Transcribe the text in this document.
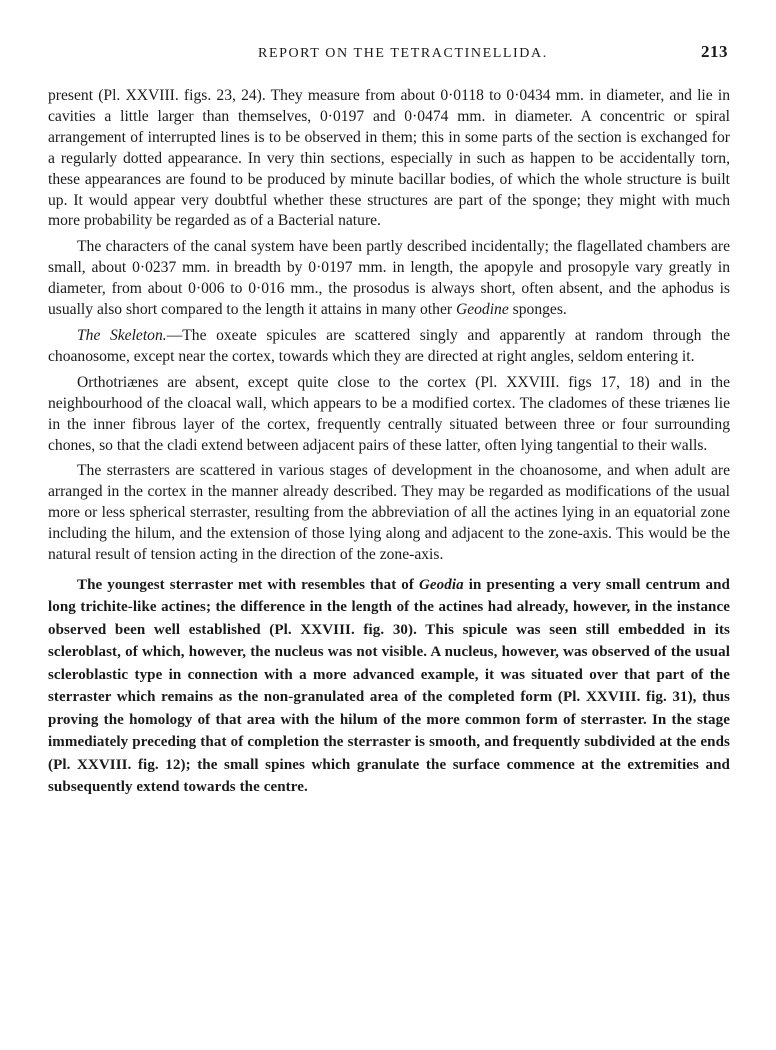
REPORT ON THE TETRACTINELLIDA.	213

present (Pl. XXVIII. figs. 23, 24). They measure from about 0·0118 to 0·0434 mm. in diameter, and lie in cavities a little larger than themselves, 0·0197 and 0·0474 mm. in diameter. A concentric or spiral arrangement of interrupted lines is to be observed in them; this in some parts of the section is exchanged for a regularly dotted appearance. In very thin sections, especially in such as happen to be accidentally torn, these appearances are found to be produced by minute bacillar bodies, of which the whole structure is built up. It would appear very doubtful whether these structures are part of the sponge; they might with much more probability be regarded as of a Bacterial nature.

The characters of the canal system have been partly described incidentally; the flagellated chambers are small, about 0·0237 mm. in breadth by 0·0197 mm. in length, the apopyle and prosopyle vary greatly in diameter, from about 0·006 to 0·016 mm., the prosodus is always short, often absent, and the aphodus is usually also short compared to the length it attains in many other Geodine sponges.

The Skeleton.—The oxeate spicules are scattered singly and apparently at random through the choanosome, except near the cortex, towards which they are directed at right angles, seldom entering it.

Orthotriænes are absent, except quite close to the cortex (Pl. XXVIII. figs 17, 18) and in the neighbourhood of the cloacal wall, which appears to be a modified cortex. The cladomes of these triænes lie in the inner fibrous layer of the cortex, frequently centrally situated between three or four surrounding chones, so that the cladi extend between adjacent pairs of these latter, often lying tangential to their walls.

The sterrasters are scattered in various stages of development in the choanosome, and when adult are arranged in the cortex in the manner already described. They may be regarded as modifications of the usual more or less spherical sterraster, resulting from the abbreviation of all the actines lying in an equatorial zone including the hilum, and the extension of those lying along and adjacent to the zone-axis. This would be the natural result of tension acting in the direction of the zone-axis.

The youngest sterraster met with resembles that of Geodia in presenting a very small centrum and long trichite-like actines; the difference in the length of the actines had already, however, in the instance observed been well established (Pl. XXVIII. fig. 30). This spicule was seen still embedded in its scleroblast, of which, however, the nucleus was not visible. A nucleus, however, was observed of the usual scleroblastic type in connection with a more advanced example, it was situated over that part of the sterraster which remains as the non-granulated area of the completed form (Pl. XXVIII. fig. 31), thus proving the homology of that area with the hilum of the more common form of sterraster. In the stage immediately preceding that of completion the sterraster is smooth, and frequently subdivided at the ends (Pl. XXVIII. fig. 12); the small spines which granulate the surface commence at the extremities and subsequently extend towards the centre.
